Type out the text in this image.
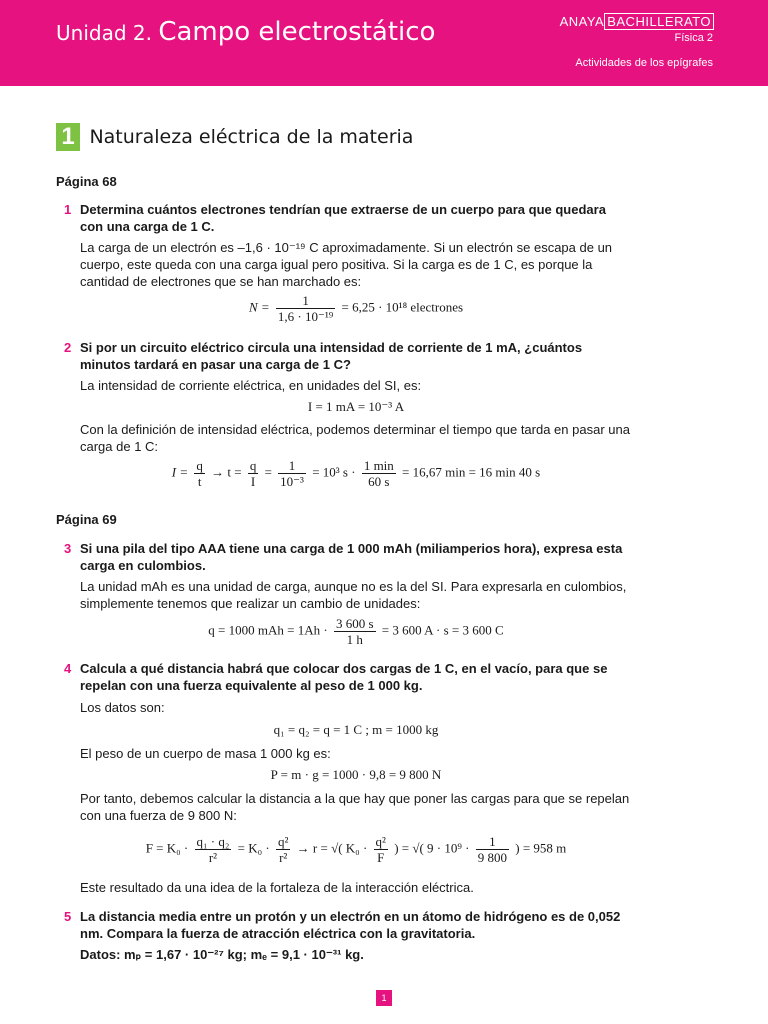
Unidad 2. Campo electrostático	ANAYA BACHILLERATO
Física 2
Actividades de los epígrafes
1 Naturaleza eléctrica de la materia
Página 68
1 Determina cuántos electrones tendrían que extraerse de un cuerpo para que quedara con una carga de 1 C.
La carga de un electrón es –1,6 · 10⁻¹⁹ C aproximadamente. Si un electrón se escapa de un cuerpo, este queda con una carga igual pero positiva. Si la carga es de 1 C, es porque la cantidad de electrones que se han marchado es:
$N = \frac{1}{\text{1,6 · 10⁻¹⁹}} = 6,25 \cdot 10^{18}$ electrones
2 Si por un circuito eléctrico circula una intensidad de corriente de 1 mA, ¿cuántos minutos tardará en pasar una carga de 1 C?
La intensidad de corriente eléctrica, en unidades del SI, es:
I = 1 mA = 10⁻³ A
Con la definición de intensidad eléctrica, podemos determinar el tiempo que tarda en pasar una carga de 1 C:
$I = \frac{q}{t} \to t = \frac{q}{I} = \frac{1}{\text{10⁻³}} = 10^3$ $s \cdot \frac{1 \min}{60 s} = 16,67$ min = 16 min 40 s
Página 69
3 Si una pila del tipo AAA tiene una carga de 1 000 mAh (miliamperios hora), expresa esta carga en culombios.
La unidad mAh es una unidad de carga, aunque no es la del SI. Para expresarla en culombios, simplemente tenemos que realizar un cambio de unidades:
q = 1000 mAh = $1Ah \cdot \frac{3 600 s}{1 h} = 3$ 600 A · s = 3 600 C
4 Calcula a qué distancia habrá que colocar dos cargas de 1 C, en el vacío, para que se repelan con una fuerza equivalente al peso de 1 000 kg.
Los datos son:
q₁ = q₂ = q = 1 C ; m = 1000 kg
El peso de un cuerpo de masa 1 000 kg es:
P = m · g = 1000 · 9,8 = 9 800 N
Por tanto, debemos calcular la distancia a la que hay que poner las cargas para que se repelan con una fuerza de 9 800 N:
$F = K_0 \cdot \frac{\text{q₁ · q₂}}{\text{r²}} = K_0 \cdot \frac{\text{q²}}{\text{r²}} \to r$ = √( $K_0 \cdot \frac{\text{q²}}{F}$ ) = √( $9 \cdot 10^9 \cdot \frac{1}{9 800}$ ) = 958 m
Este resultado da una idea de la fortaleza de la interacción eléctrica.
5 La distancia media entre un protón y un electrón en un átomo de hidrógeno es de 0,052 nm. Compara la fuerza de atracción eléctrica con la gravitatoria.
Datos: mₚ = 1,67 · 10⁻²⁷ kg; mₑ = 9,1 · 10⁻³¹ kg.
1
